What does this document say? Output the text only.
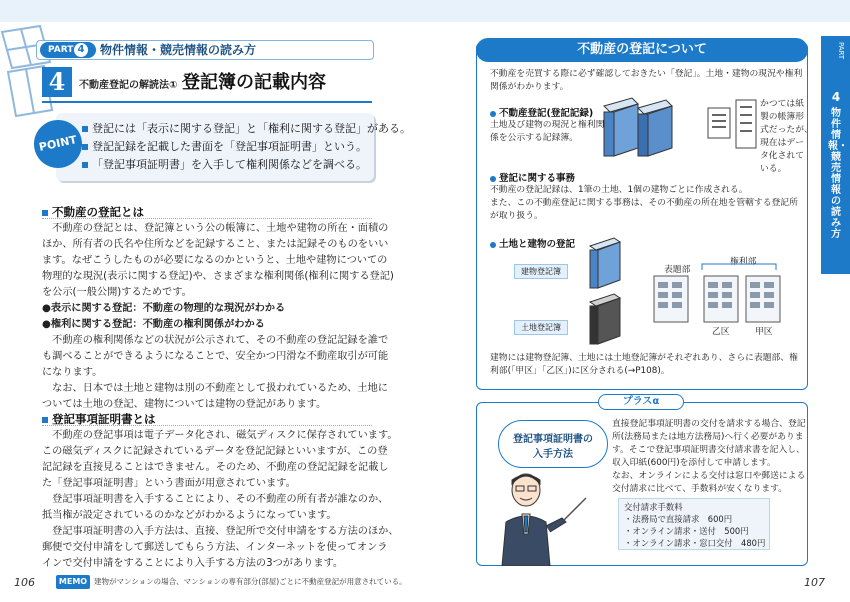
PART 4 物件情報・競売情報の読み方
4	不動産登記の解読法① 登記簿の記載内容
POINT
登記には「表示に関する登記」と「権利に関する登記」がある。
登記記録を記載した書面を「登記事項証明書」という。
「登記事項証明書」を入手して権利関係などを調べる。
不動産の登記とは
　不動産の登記とは、登記簿という公の帳簿に、土地や建物の所在・面積の
ほか、所有者の氏名や住所などを記録すること、または記録そのものをいい
ます。なぜこうしたものが必要になるのかというと、土地や建物についての
物理的な現況(表示に関する登記)や、さまざまな権利関係(権利に関する登記)
を公示(一般公開)するためです。
●表示に関する登記：不動産の物理的な現況がわかる
●権利に関する登記：不動産の権利関係がわかる
　不動産の権利関係などの状況が公示されて、その不動産の登記記録を誰で
も調べることができるようになることで、安全かつ円滑な不動産取引が可能
になります。
　なお、日本では土地と建物は別の不動産として扱われているため、土地に
ついては土地の登記、建物については建物の登記があります。
登記事項証明書とは
　不動産の登記事項は電子データ化され、磁気ディスクに保存されています。
この磁気ディスクに記録されているデータを登記記録といいますが、この登
記記録を直接見ることはできません。そのため、不動産の登記記録を記載し
た「登記事項証明書」という書面が用意されています。
　登記事項証明書を入手することにより、その不動産の所有者が誰なのか、
抵当権が設定されているのかなどがわかるようになっています。
　登記事項証明書の入手方法は、直接、登記所で交付申請をする方法のほか、
郵便で交付申請をして郵送してもらう方法、インターネットを使ってオンラ
インで交付申請をすることにより入手する方法の3つがあります。
106	MEMO 建物がマンションの場合、マンションの専有部分(部屋)ごとに不動産登記が用意されている。	107
不動産の登記について
不動産を売買する際に必ず確認しておきたい「登記」。土地・建物の現況や権利
関係がわかります。
不動産登記(登記記録)
土地及び建物の現況と権利関
係を公示する記録簿。
かつては紙
製の帳簿形
式だったが、
現在はデー
タ化されて
いる。
登記に関する事務
不動産の登記記録は、1筆の土地、1個の建物ごとに作成される。
また、この不動産登記に関する事務は、その不動産の所在地を管轄する登記所
が取り扱う。
土地と建物の登記
建物登記簿
土地登記簿
表題部
権利部
乙区	甲区
建物には建物登記簿、土地には土地登記簿がそれぞれあり、さらに表題部、権
利部(「甲区」「乙区」)に区分される(→P108)。
PART
4
物件情報・競売情報の読み方
プラスα
登記事項証明書の
入手方法
直接登記事項証明書の交付を請求する場合、登記
所(法務局または地方法務局)へ行く必要がありま
す。そこで登記事項証明書交付請求書を記入し、
収入印紙(600円)を添付して申請します。
なお、オンラインによる交付は窓口や郵送による
交付請求に比べて、手数料が安くなります。
交付請求手数料
・法務局で直接請求　600円
・オンライン請求・送付　500円
・オンライン請求・窓口交付　480円
